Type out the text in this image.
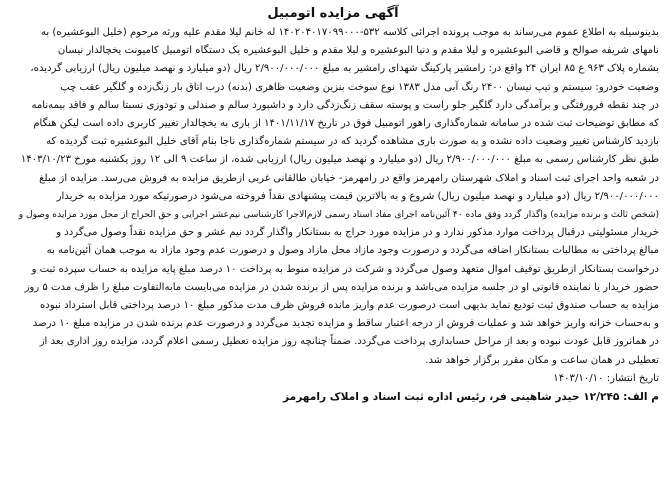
آگهی مزایده اتومبیل
بدینوسیله به اطلاع عموم می‌رساند به موجب پرونده اجرائی کلاسه ۵۳۲-۱۴۰۲۰۴۰۱۷۰۹۹۰۰۰ له خانم لیلا مقدم علیه ورثه مرحوم (خلیل البوعشیره) به
نامهای شریفه صوالح و قاضی البوعشیره و لیلا مقدم و دنیا البوعشیره و لیلا مقدم و خلیل البوعشیره یک دستگاه اتومبیل کامیونت یخچالدار نیسان
بشماره پلاک ۹۶۳ ع ۸۵ ایران ۲۴ واقع در: رامشیر پارکینگ شهدای رامشیر به مبلغ ۲/۹۰۰/۰۰۰/۰۰۰ ریال (دو میلیارد و نهصد میلیون ریال) ارزیابی گردیده،
وضعیت خودرو: سیستم و تیپ نیسان ۲۴۰۰ رنگ آبی مدل ۱۳۸۳ نوع سوخت بنزین وضعیت ظاهری (بدنه) درب اتاق بار زنگ‌زده و گلگیر عقب چپ
در چند نقطه فرورفتگی و برآمدگی دارد گلگیر جلو راست و پوسته سقف زنگ‌زدگی دارد و داشبورد سالم و صندلی و تودوزی نسبتا سالم و فاقد بیمه‌نامه
که مطابق توضیحات ثبت شده در سامانه شماره‌گذاری راهور اتومبیل فوق در تاریخ ۱۴۰۱/۱۱/۱۷ از باری به یخچالدار تغییر کاربری داده است لیکن هنگام
بازدید کارشناس تغییر وضعیت داده نشده و به صورت باری مشاهده گردید که در سیستم شماره‌گذاری ناجا بنام آقای خلیل البوعشیره ثبت گردیده که
طبق نظر کارشناس رسمی به مبلغ ۲/۹۰۰/۰۰۰/۰۰۰ ریال (دو میلیارد و نهصد میلیون ریال) ارزیابی شده، از ساعت ۹ الی ۱۲ روز یکشنبه مورخ ۱۴۰۳/۱۰/۲۳
در شعبه واحد اجرای ثبت اسناد و املاک شهرستان رامهرمز واقع در رامهرمز- خیابان طالقانی غربی ازطریق مزایده به فروش می‌رسد. مزایده از مبلغ
۲/۹۰۰/۰۰۰/۰۰۰ ریال (دو میلیارد و نهصد میلیون ریال) شروع و به بالاترین قیمت پیشنهادی نقداً فروخته می‌شود درصورتیکه مورد مزایده به خریدار
(شخص ثالث و برنده مزایده) واگذار گردد وفق ماده ۴۰ آئین‌نامه اجرای مفاد اسناد رسمی لازم‌الاجرا کارشناسی نیم‌عشر اجرایی و حق الحراج از محل مورد مزایده وصول و
خریدار مسئولیتی درقبال پرداخت موارد مذکور ندارد و در مزایده مورد حراج به بستانکار واگذار گردد نیم عشر و حق مزایده نقداً وصول می‌گردد و
مبالغ پرداختی به مطالبات بستانکار اضافه می‌گردد و درصورت وجود مازاد محل مازاد وصول و درصورت عدم وجود مازاد به موجب همان آئین‌نامه به
درخواست بستانکار ازطریق توقیف اموال متعهد وصول می‌گردد و شرکت در مزایده منوط به پرداخت ۱۰ درصد مبلغ پایه مزایده به حساب سپرده ثبت و
حضور خریدار یا نماینده قانونی او در جلسه مزایده می‌باشد و برنده مزایده پس از برنده شدن در مزایده می‌بایست مابه‌التفاوت مبلغ را ظرف مدت ۵ روز
مزایده به حساب صندوق ثبت تودیع نماید بدیهی است درصورت عدم واریز مانده فروش ظرف مدت مذکور مبلغ ۱۰ درصد پرداختی قابل استرداد نبوده
و به‌حساب خزانه واریز خواهد شد و عملیات فروش از درجه اعتبار ساقط و مزایده تجدید می‌گردد و درصورت عدم برنده شدن در مزایده مبلغ ۱۰ درصد
در همانروز قابل عودت نبوده و بعد از مراحل حسابداری پرداخت می‌گردد. ضمناً چنانچه روز مزایده تعطیل رسمی اعلام گردد، مزایده روز اداری بعد از
تعطیلی در همان ساعت و مکان مقرر برگزار خواهد شد.
تاریخ انتشار: ۱۴۰۳/۱۰/۱۰
م الف: ۱۲/۲۴۵ حیدر شاهینی فر، رئیس اداره ثبت اسناد و املاک رامهرمز
